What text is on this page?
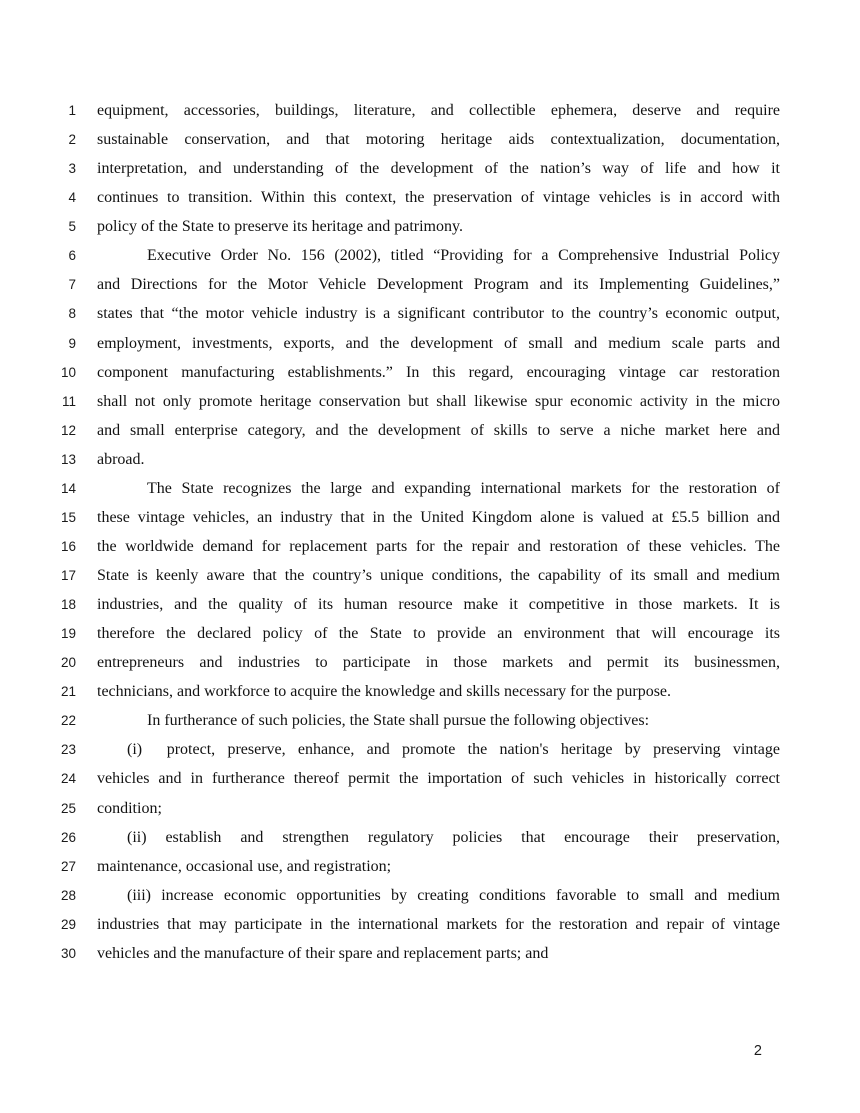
1 equipment, accessories, buildings, literature, and collectible ephemera, deserve and require
2 sustainable conservation, and that motoring heritage aids contextualization, documentation,
3 interpretation, and understanding of the development of the nation’s way of life and how it
4 continues to transition. Within this context, the preservation of vintage vehicles is in accord with
5 policy of the State to preserve its heritage and patrimony.
6	Executive Order No. 156 (2002), titled “Providing for a Comprehensive Industrial Policy
7 and Directions for the Motor Vehicle Development Program and its Implementing Guidelines,”
8 states that “the motor vehicle industry is a significant contributor to the country’s economic output,
9 employment, investments, exports, and the development of small and medium scale parts and
10 component manufacturing establishments.” In this regard, encouraging vintage car restoration
11 shall not only promote heritage conservation but shall likewise spur economic activity in the micro
12 and small enterprise category, and the development of skills to serve a niche market here and
13 abroad.
14	The State recognizes the large and expanding international markets for the restoration of
15 these vintage vehicles, an industry that in the United Kingdom alone is valued at £5.5 billion and
16 the worldwide demand for replacement parts for the repair and restoration of these vehicles. The
17 State is keenly aware that the country’s unique conditions, the capability of its small and medium
18 industries, and the quality of its human resource make it competitive in those markets. It is
19 therefore the declared policy of the State to provide an environment that will encourage its
20 entrepreneurs and industries to participate in those markets and permit its businessmen,
21 technicians, and workforce to acquire the knowledge and skills necessary for the purpose.
22	In furtherance of such policies, the State shall pursue the following objectives:
23	(i)  protect, preserve, enhance, and promote the nation's heritage by preserving vintage
24 vehicles and in furtherance thereof permit the importation of such vehicles in historically correct
25 condition;
26	(ii) establish and strengthen regulatory policies that encourage their preservation,
27 maintenance, occasional use, and registration;
28	(iii) increase economic opportunities by creating conditions favorable to small and medium
29 industries that may participate in the international markets for the restoration and repair of vintage
30 vehicles and the manufacture of their spare and replacement parts; and
2
